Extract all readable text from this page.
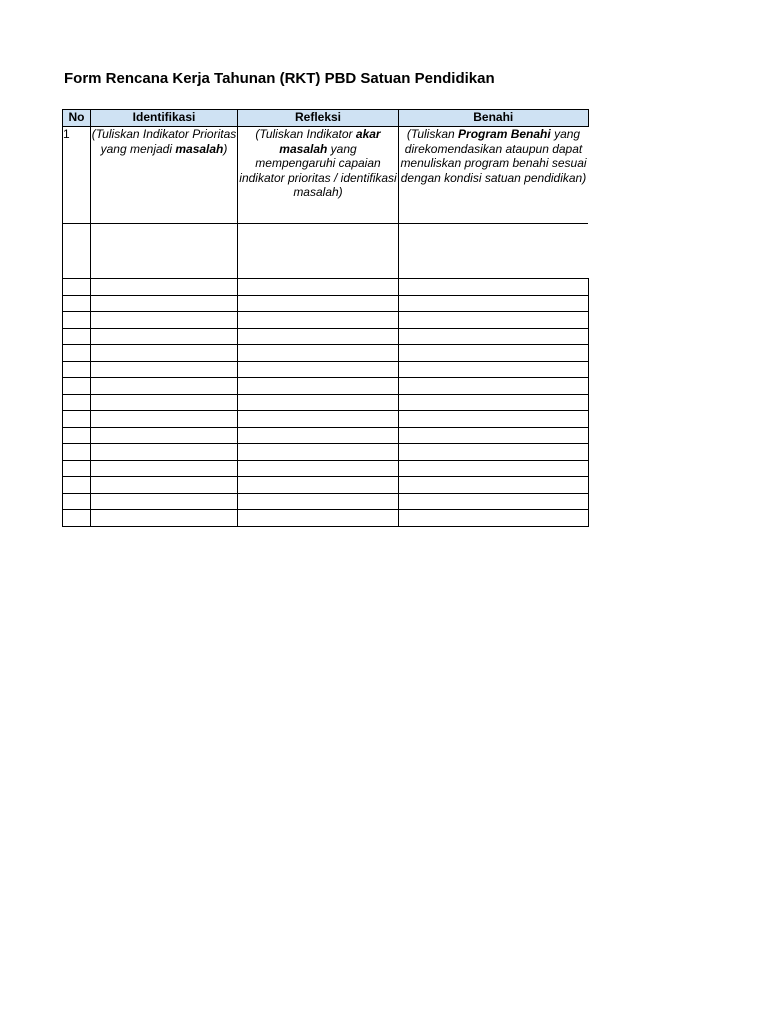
Form Rencana Kerja Tahunan (RKT) PBD Satuan Pendidikan
No	Identifikasi	Refleksi	Benahi
1	(Tuliskan Indikator Prioritas yang menjadi masalah)	(Tuliskan Indikator akar masalah yang mempengaruhi capaian indikator prioritas / identifikasi masalah)	(Tuliskan Program Benahi yang direkomendasikan ataupun dapat menuliskan program benahi sesuai dengan kondisi satuan pendidikan)
